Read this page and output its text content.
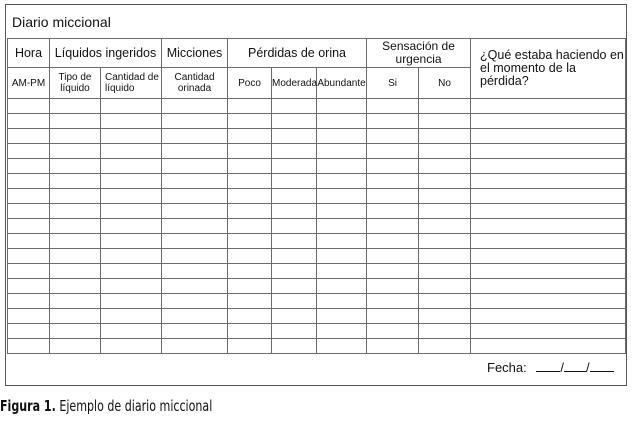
Diario miccional
Hora	Líquidos ingeridos		Micciones	Pérdidas de orina			Sensación de urgencia		¿Qué estaba haciendo en el momento de la pérdida?
AM-PM	Tipo de líquido	Cantidad de líquido	Cantidad orinada	Poco	Moderada	Abundante	Si	No	

Fecha:	/ /
Figura 1. Ejemplo de diario miccional
